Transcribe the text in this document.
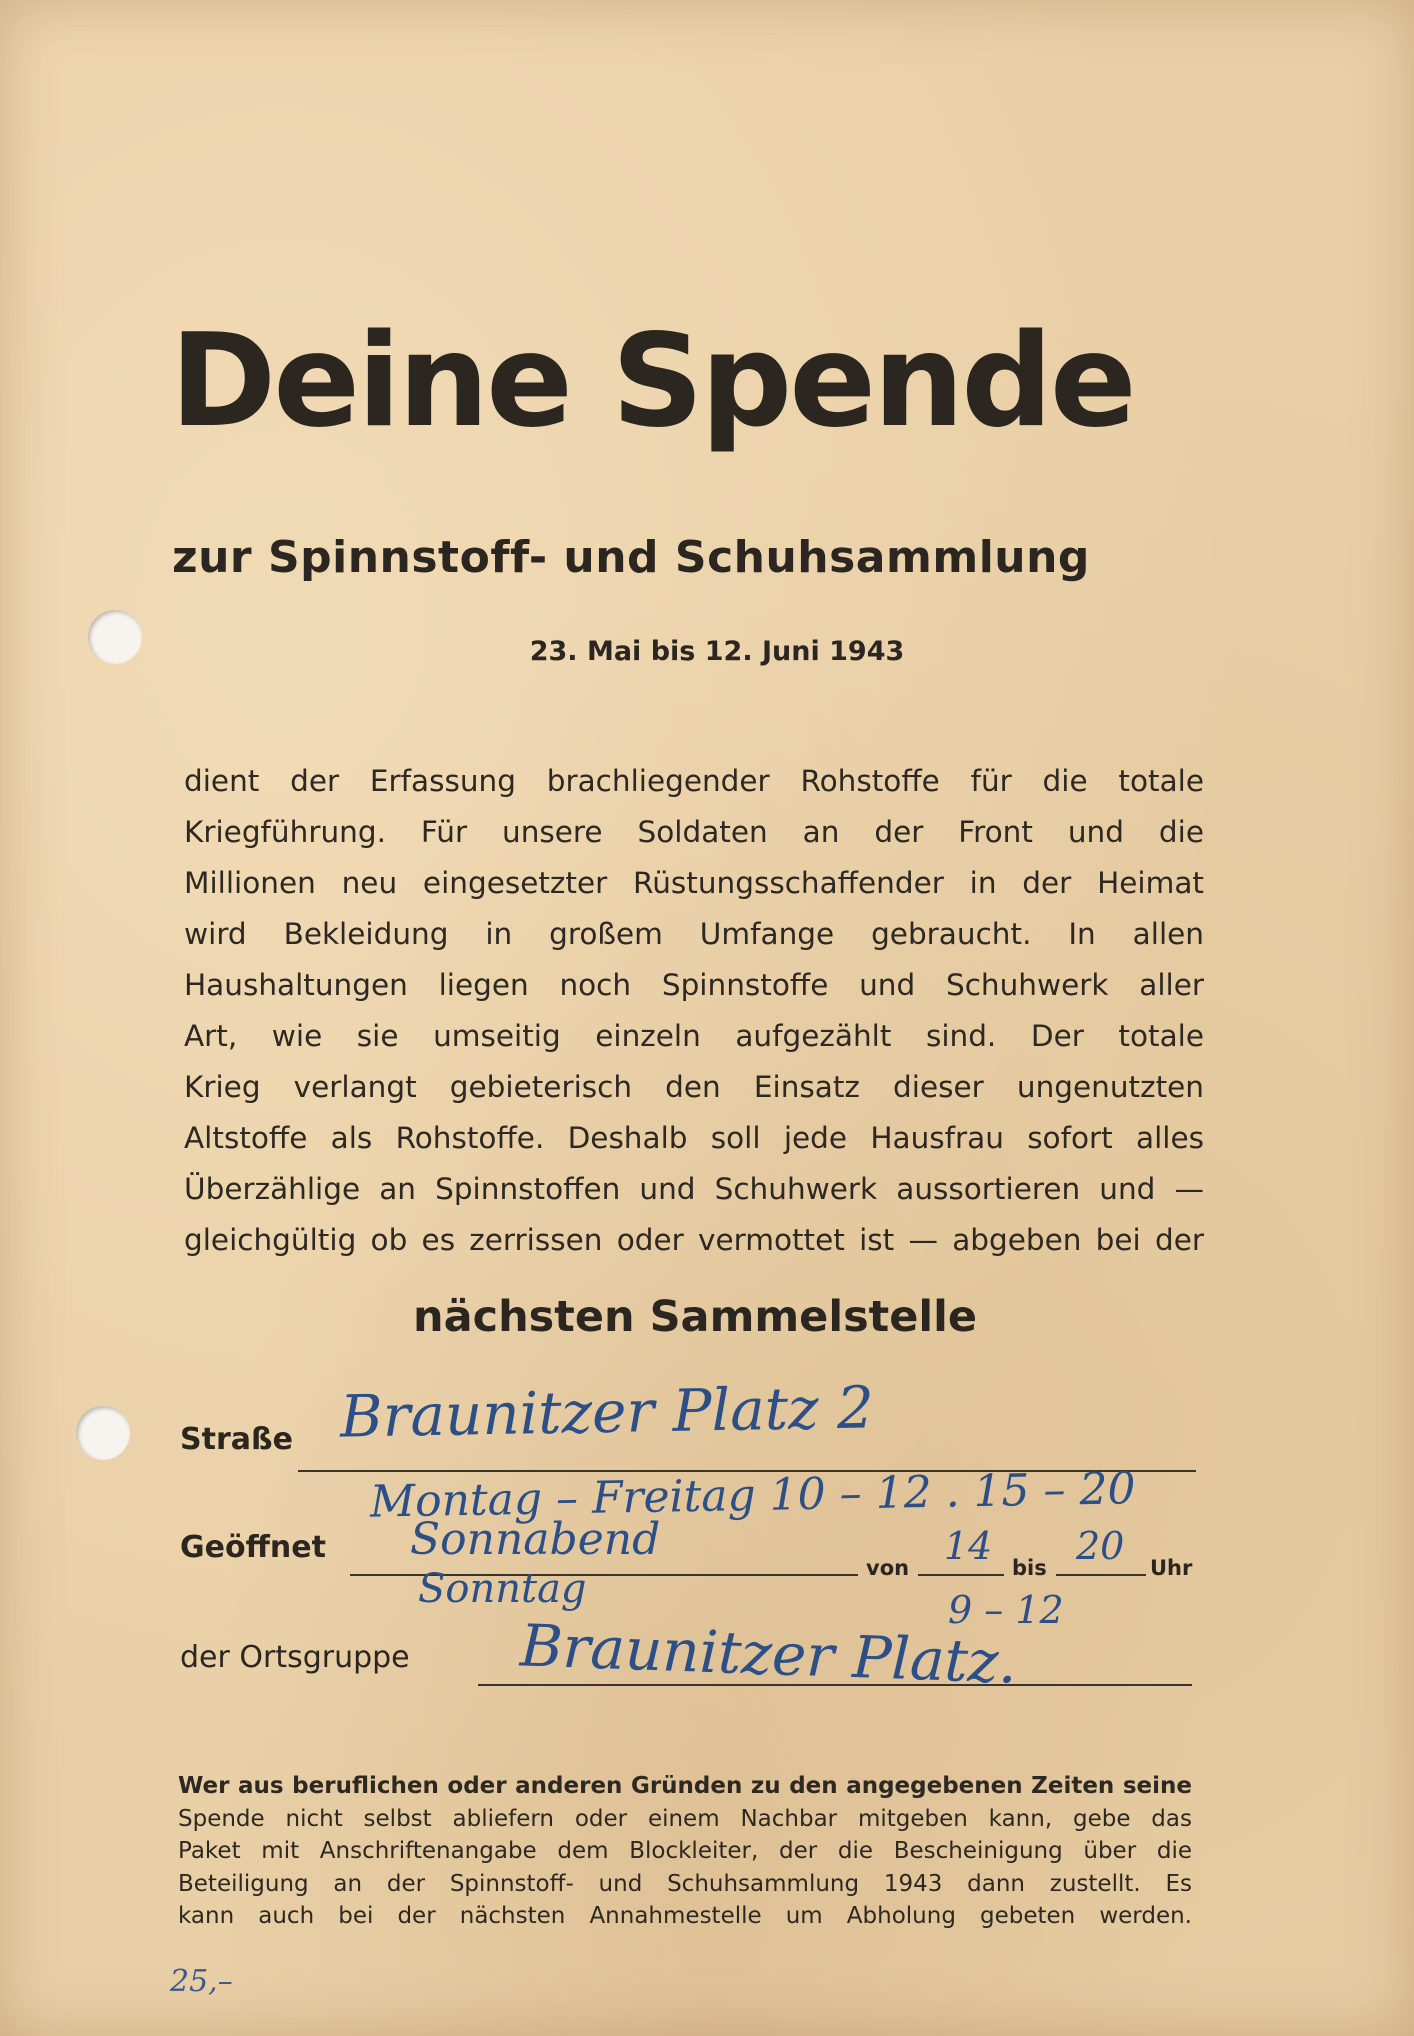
Deine Spende
zur Spinnstoff- und Schuhsammlung
23. Mai bis 12. Juni 1943
dient der Erfassung brachliegender Rohstoffe für die totale
Kriegführung. Für unsere Soldaten an der Front und die
Millionen neu eingesetzter Rüstungsschaffender in der Heimat
wird Bekleidung in großem Umfange gebraucht. In allen
Haushaltungen liegen noch Spinnstoffe und Schuhwerk aller
Art, wie sie umseitig einzeln aufgezählt sind. Der totale
Krieg verlangt gebieterisch den Einsatz dieser ungenutzten
Altstoffe als Rohstoffe. Deshalb soll jede Hausfrau sofort alles
Überzählige an Spinnstoffen und Schuhwerk aussortieren und —
gleichgültig ob es zerrissen oder vermottet ist — abgeben bei der
nächsten Sammelstelle
Straße Braunitzer Platz 2
Montag – Freitag 10 – 12 . 15 – 20
Geöffnet Sonnabend
Sonntag	von 14 bis 20 Uhr
9 – 12
der Ortsgruppe Braunitzer Platz.
Wer aus beruflichen oder anderen Gründen zu den angegebenen Zeiten seine
Spende nicht selbst abliefern oder einem Nachbar mitgeben kann, gebe das
Paket mit Anschriftenangabe dem Blockleiter, der die Bescheinigung über die
Beteiligung an der Spinnstoff- und Schuhsammlung 1943 dann zustellt. Es
kann auch bei der nächsten Annahmestelle um Abholung gebeten werden.
25,–
